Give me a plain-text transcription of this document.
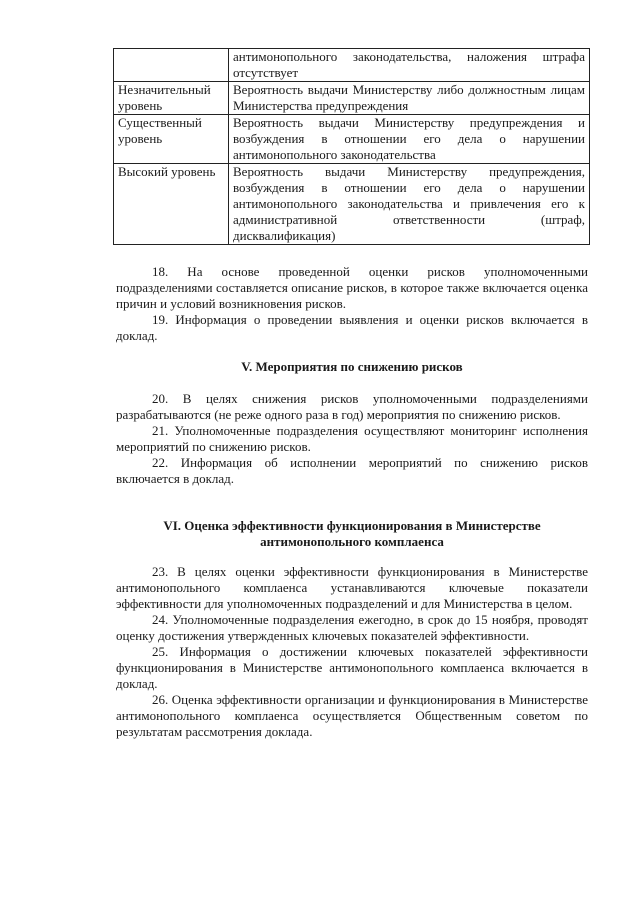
	антимонопольного законодательства, наложения штрафа отсутствует
Незначительный уровень	Вероятность выдачи Министерству либо должностным лицам Министерства предупреждения
Существенный уровень	Вероятность выдачи Министерству предупреждения и возбуждения в отношении его дела о нарушении антимонопольного законодательства
Высокий уровень	Вероятность выдачи Министерству предупреждения, возбуждения в отношении его дела о нарушении антимонопольного законодательства и привлечения его к административной ответственности (штраф, дисквалификация)

18. На основе проведенной оценки рисков уполномоченными подразделениями составляется описание рисков, в которое также включается оценка причин и условий возникновения рисков.

19. Информация о проведении выявления и оценки рисков включается в доклад.

V. Мероприятия по снижению рисков

20. В целях снижения рисков уполномоченными подразделениями разрабатываются (не реже одного раза в год) мероприятия по снижению рисков.

21. Уполномоченные подразделения осуществляют мониторинг исполнения мероприятий по снижению рисков.

22. Информация об исполнении мероприятий по снижению рисков включается в доклад.

VI. Оценка эффективности функционирования в Министерстве

антимонопольного комплаенса

23. В целях оценки эффективности функционирования в Министерстве антимонопольного комплаенса устанавливаются ключевые показатели эффективности для уполномоченных подразделений и для Министерства в целом.

24. Уполномоченные подразделения ежегодно, в срок до 15 ноября, проводят оценку достижения утвержденных ключевых показателей эффективности.

25. Информация о достижении ключевых показателей эффективности функционирования в Министерстве антимонопольного комплаенса включается в доклад.

26. Оценка эффективности организации и функционирования в Министерстве антимонопольного комплаенса осуществляется Общественным советом по результатам рассмотрения доклада.
